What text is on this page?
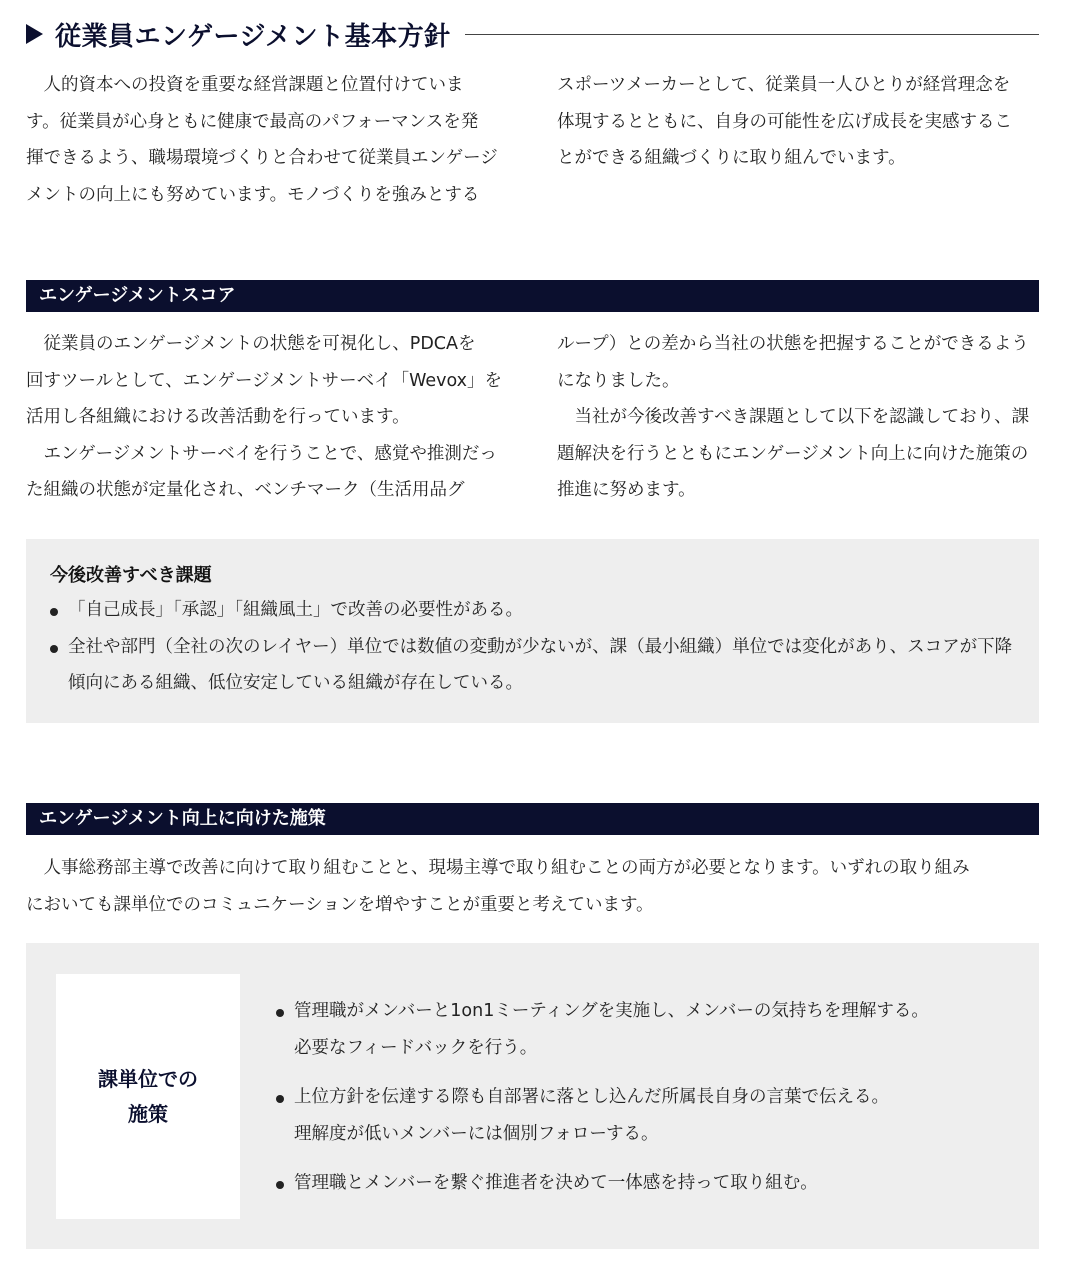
従業員エンゲージメント基本方針

人的資本への投資を重要な経営課題と位置付けていま
す。従業員が心身ともに健康で最高のパフォーマンスを発
揮できるよう、職場環境づくりと合わせて従業員エンゲージ
メントの向上にも努めています。モノづくりを強みとする

スポーツメーカーとして、従業員一人ひとりが経営理念を
体現するとともに、自身の可能性を広げ成長を実感するこ
とができる組織づくりに取り組んでいます。

エンゲージメントスコア

従業員のエンゲージメントの状態を可視化し、PDCAを
回すツールとして、エンゲージメントサーベイ「Wevox」を
活用し各組織における改善活動を行っています。
エンゲージメントサーベイを行うことで、感覚や推測だっ
た組織の状態が定量化され、ベンチマーク（生活用品グ

ループ）との差から当社の状態を把握することができるよう
になりました。
当社が今後改善すべき課題として以下を認識しており、課
題解決を行うとともにエンゲージメント向上に向けた施策の
推進に努めます。

今後改善すべき課題
「自己成長」「承認」「組織風土」で改善の必要性がある。
全社や部門（全社の次のレイヤー）単位では数値の変動が少ないが、課（最小組織）単位では変化があり、スコアが下降
傾向にある組織、低位安定している組織が存在している。
エンゲージメント向上に向けた施策
人事総務部主導で改善に向けて取り組むことと、現場主導で取り組むことの両方が必要となります。いずれの取り組み
においても課単位でのコミュニケーションを増やすことが重要と考えています。
課単位での
施策
管理職がメンバーと1on1ミーティングを実施し、メンバーの気持ちを理解する。
必要なフィードバックを行う。
上位方針を伝達する際も自部署に落とし込んだ所属長自身の言葉で伝える。
理解度が低いメンバーには個別フォローする。
管理職とメンバーを繋ぐ推進者を決めて一体感を持って取り組む。
